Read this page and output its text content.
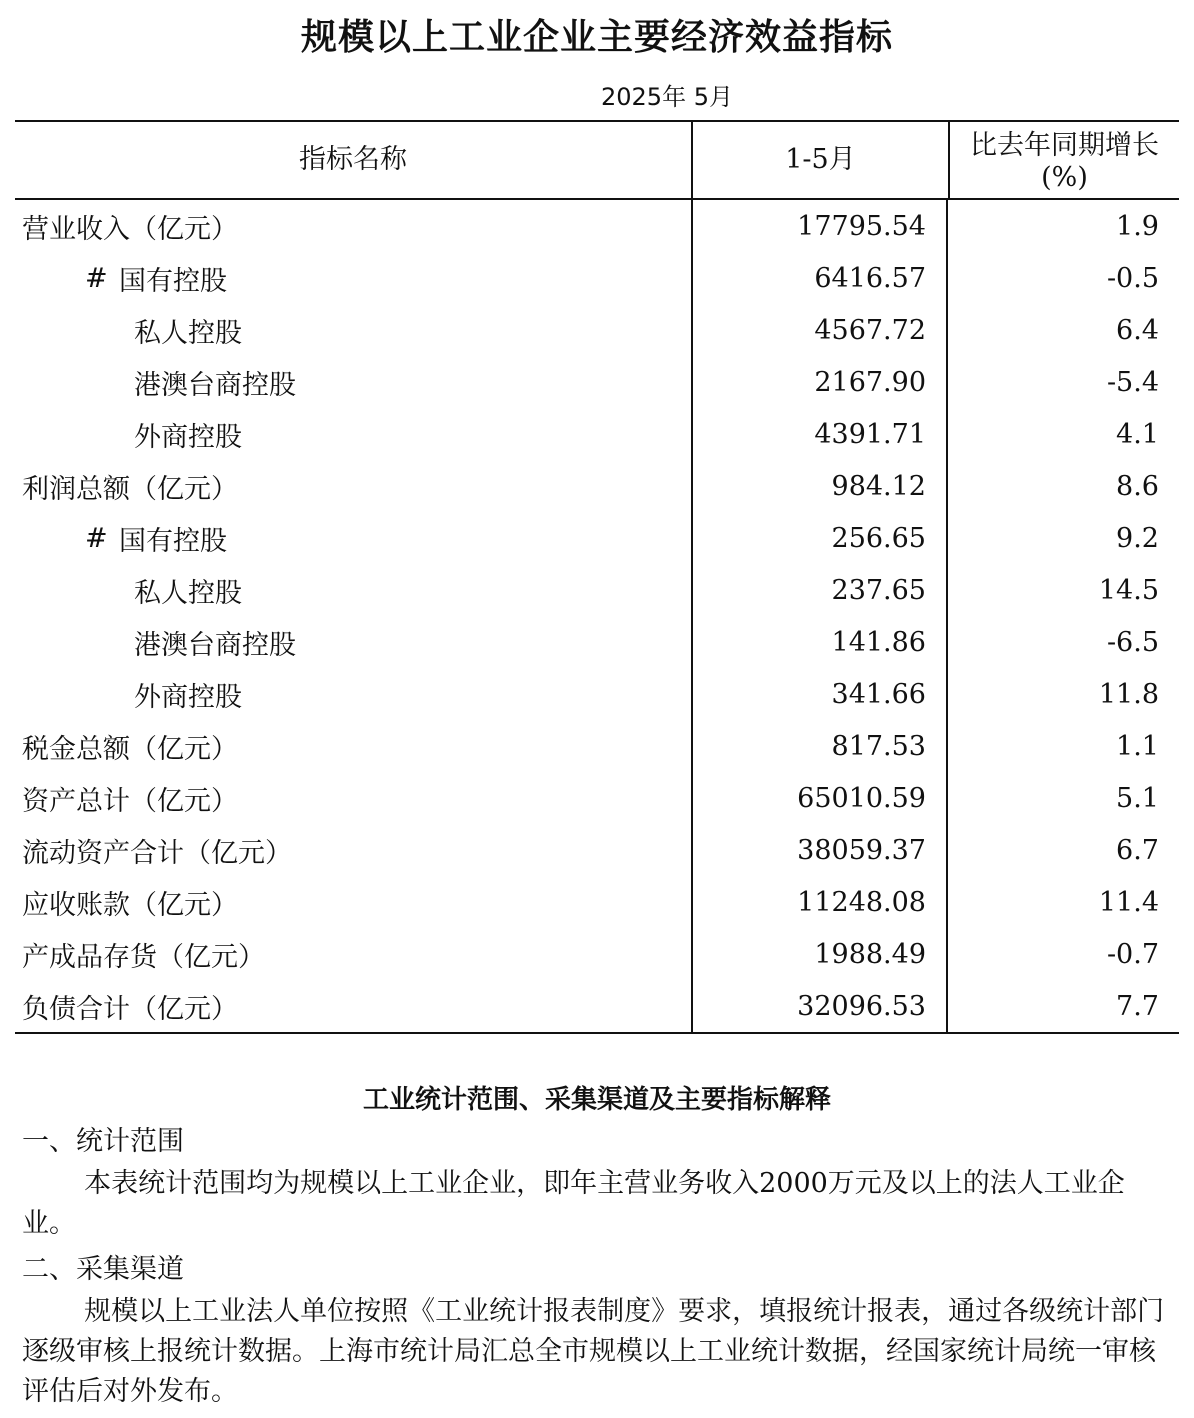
规模以上工业企业主要经济效益指标
2025年 5月
指标名称	1-5月	比去年同期增长(%)
营业收入（亿元）	17795.54	1.9
# 国有控股	6416.57	-0.5
私人控股	4567.72	6.4
港澳台商控股	2167.90	-5.4
外商控股	4391.71	4.1
利润总额（亿元）	984.12	8.6
# 国有控股	256.65	9.2
私人控股	237.65	14.5
港澳台商控股	141.86	-6.5
外商控股	341.66	11.8
税金总额（亿元）	817.53	1.1
资产总计（亿元）	65010.59	5.1
流动资产合计（亿元）	38059.37	6.7
应收账款（亿元）	11248.08	11.4
产成品存货（亿元）	1988.49	-0.7
负债合计（亿元）	32096.53	7.7
工业统计范围、采集渠道及主要指标解释
一、统计范围
本表统计范围均为规模以上工业企业，即年主营业务收入2000万元及以上的法人工业企业。
二、采集渠道
规模以上工业法人单位按照《工业统计报表制度》要求，填报统计报表，通过各级统计部门逐级审核上报统计数据。上海市统计局汇总全市规模以上工业统计数据，经国家统计局统一审核评估后对外发布。
